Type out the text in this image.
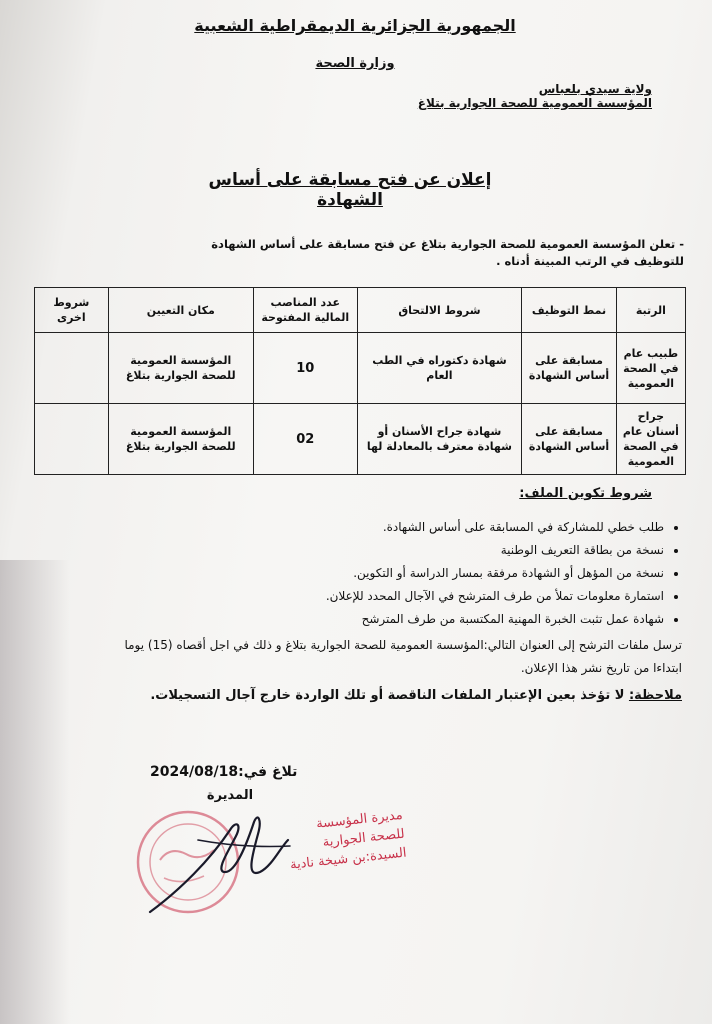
الجمهورية الجزائرية الديمقراطية الشعبية
وزارة الصحة
ولاية سيدي بلعباس
المؤسسة العمومية للصحة الجوارية بتلاغ
إعلان عن فتح مسابقة على أساس الشهادة
- تعلن المؤسسة العمومية للصحة الجوارية بتلاغ عن فتح مسابقة على أساس الشهادة
للتوظيف في الرتب المبينة أدناه .
الرتبة	نمط التوظيف	شروط الالتحاق	عدد المناصب المالية المفتوحة	مكان التعيين	شروط اخرى
طبيب عام في الصحة العمومية	مسابقة على أساس الشهادة	شهادة دكتوراه في الطب العام	10	المؤسسة العمومية للصحة الجوارية بتلاغ	
جراح أسنان عام في الصحة العمومية	مسابقة على أساس الشهادة	شهادة جراح الأسنان أو شهادة معترف بالمعادلة لها	02	المؤسسة العمومية للصحة الجوارية بتلاغ	
شروط تكوين الملف:
• طلب خطي للمشاركة في المسابقة على أساس الشهادة.
• نسخة من بطاقة التعريف الوطنية
• نسخة من المؤهل أو الشهادة مرفقة بمسار الدراسة أو التكوين.
• استمارة معلومات تملأ من طرف المترشح في الآجال المحدد للإعلان.
• شهادة عمل تثبت الخبرة المهنية المكتسبة من طرف المترشح
ترسل ملفات الترشح إلى العنوان التالي:المؤسسة العمومية للصحة الجوارية بتلاغ و ذلك في اجل أقصاه (15) يوما
ابتداءا من تاريخ نشر هذا الإعلان.
ملاحظة: لا تؤخذ بعين الإعتبار الملفات الناقصة أو تلك الواردة خارج آجال التسجيلات.
تلاغ في:2024/08/18
المديرة
مديرة المؤسسة
للصحة الجوارية
السيدة:بن شيخة نادية
